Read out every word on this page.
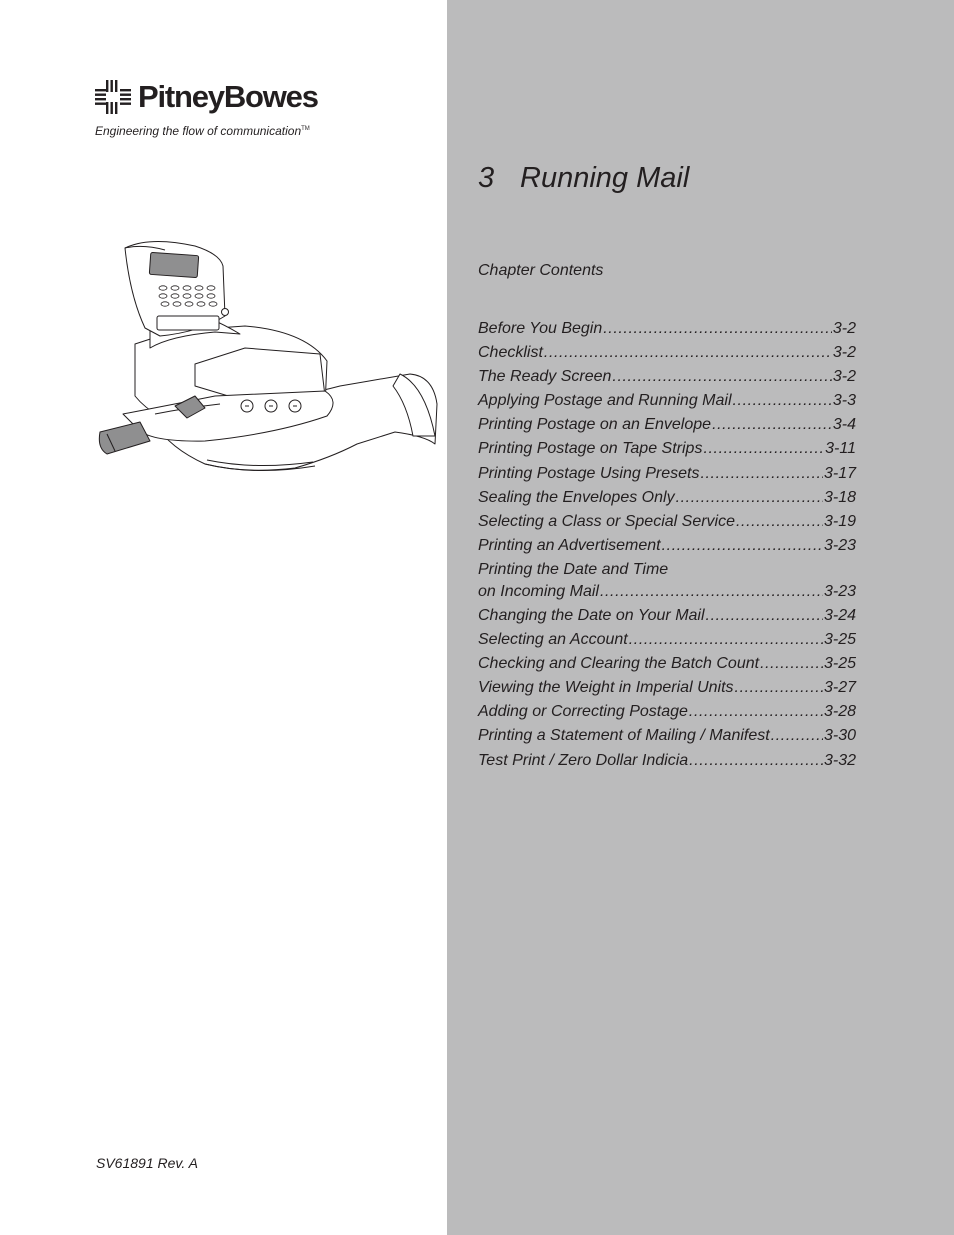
PitneyBowes
Engineering the flow of communication™
3 Running Mail
Chapter Contents
Before You Begin .....	3-2
Checklist .....	3-2
The Ready Screen .....	3-2
Applying Postage and Running Mail .....	3-3
Printing Postage on an Envelope .....	3-4
Printing Postage on Tape Strips .....	3-11
Printing Postage Using Presets .....	3-17
Sealing the Envelopes Only .....	3-18
Selecting a Class or Special Service .....	3-19
Printing an Advertisement .....	3-23
Printing the Date and Time
on Incoming Mail .....	3-23
Changing the Date on Your Mail .....	3-24
Selecting an Account .....	3-25
Checking and Clearing the Batch Count .....	3-25
Viewing the Weight in Imperial Units .....	3-27
Adding or Correcting Postage .....	3-28
Printing a Statement of Mailing / Manifest .....	3-30
Test Print / Zero Dollar Indicia .....	3-32
SV61891 Rev. A
